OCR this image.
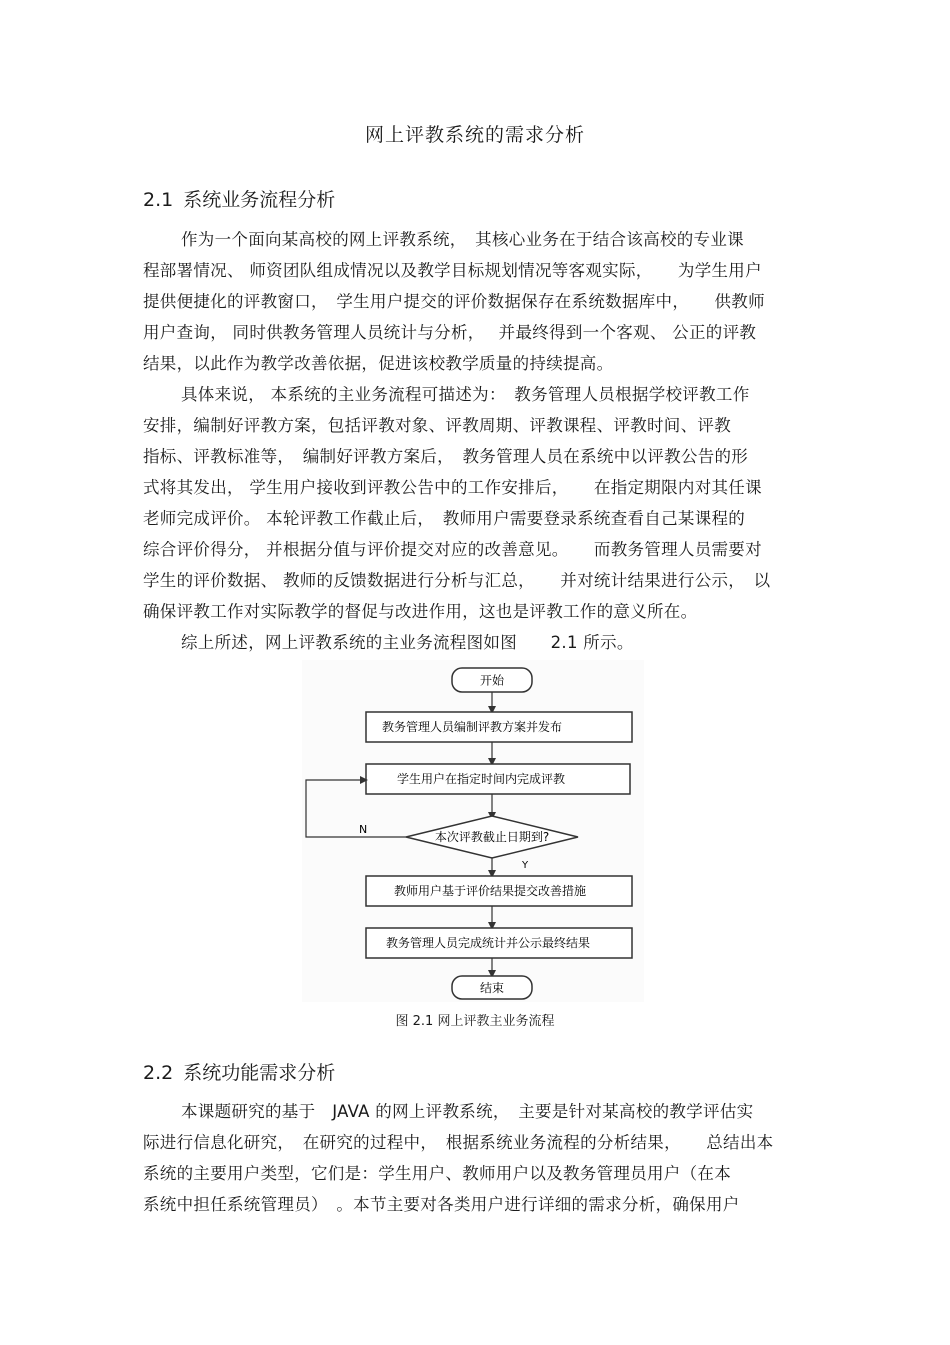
网上评教系统的需求分析
2.1 系统业务流程分析
作为一个面向某高校的网上评教系统，　其核心业务在于结合该高校的专业课
程部署情况、 师资团队组成情况以及教学目标规划情况等客观实际，　　为学生用户
提供便捷化的评教窗口，　学生用户提交的评价数据保存在系统数据库中，　　供教师
用户查询， 同时供教务管理人员统计与分析，　 并最终得到一个客观、 公正的评教
结果，以此作为教学改善依据，促进该校教学质量的持续提高。
具体来说， 本系统的主业务流程可描述为：　教务管理人员根据学校评教工作
安排，编制好评教方案，包括评教对象、评教周期、评教课程、评教时间、评教
指标、评教标准等，　编制好评教方案后，　教务管理人员在系统中以评教公告的形
式将其发出， 学生用户接收到评教公告中的工作安排后，　　在指定期限内对其任课
老师完成评价。 本轮评教工作截止后，　教师用户需要登录系统查看自己某课程的
综合评价得分， 并根据分值与评价提交对应的改善意见。　　而教务管理人员需要对
学生的评价数据、 教师的反馈数据进行分析与汇总，　　并对统计结果进行公示，　以
确保评教工作对实际教学的督促与改进作用，这也是评教工作的意义所在。
综上所述，网上评教系统的主业务流程图如图　　2.1 所示。
开始
教务管理人员编制评教方案并发布
学生用户在指定时间内完成评教
本次评教截止日期到?
N
Y
教师用户基于评价结果提交改善措施
教务管理人员完成统计并公示最终结果
结束
图 2.1 网上评教主业务流程
2.2 系统功能需求分析
本课题研究的基于　JAVA 的网上评教系统，　主要是针对某高校的教学评估实
际进行信息化研究，　在研究的过程中，　根据系统业务流程的分析结果，　　总结出本
系统的主要用户类型，它们是：学生用户、教师用户以及教务管理员用户（在本
系统中担任系统管理员）　。本节主要对各类用户进行详细的需求分析，确保用户
